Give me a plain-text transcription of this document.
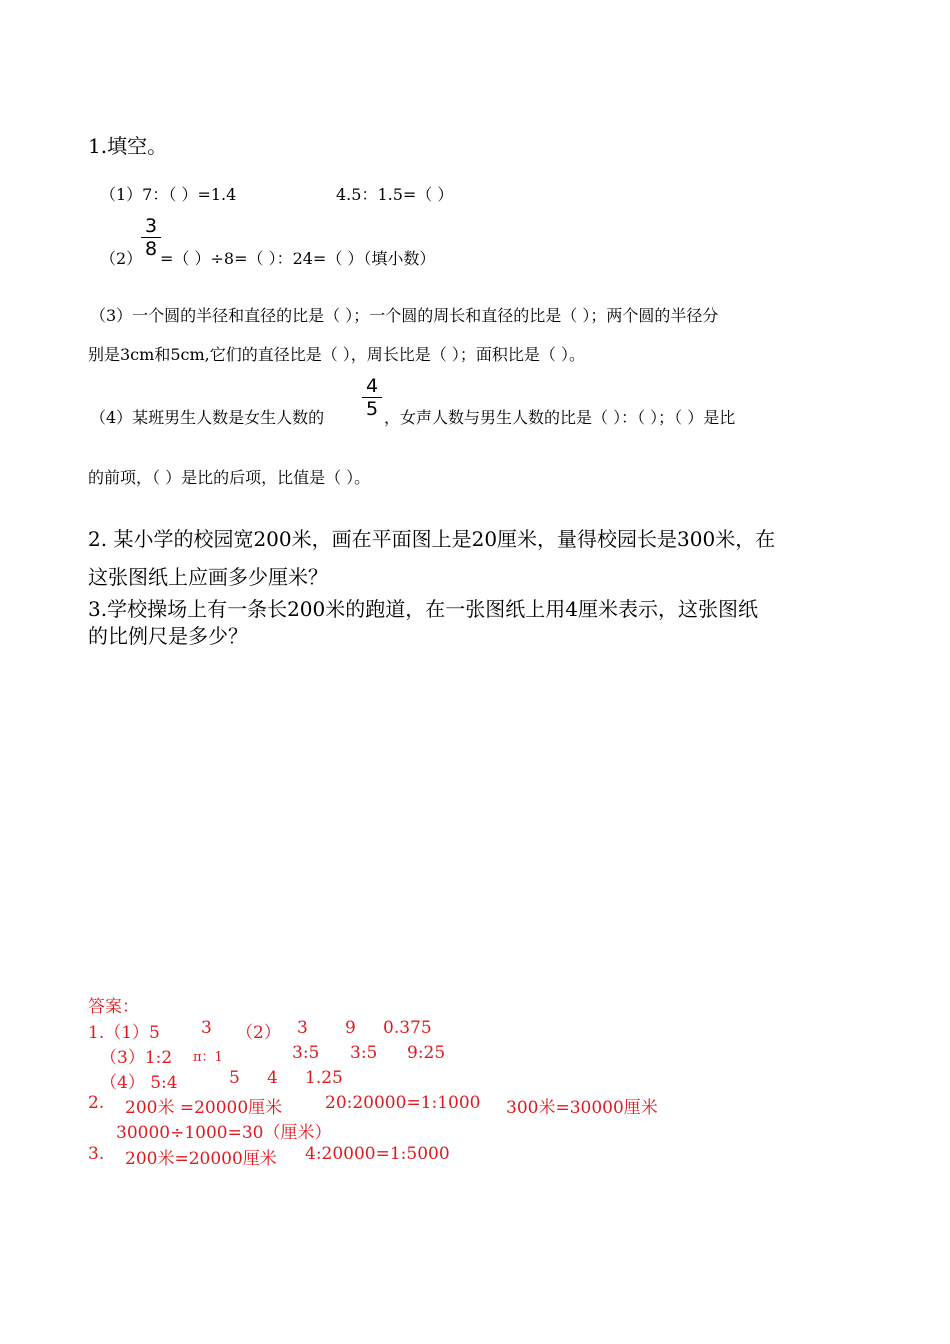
1.填空。
（1）7：（ ）=1.4	4.5：1.5=（ ）
3
8
（2） =（ ）÷8=（ ）：24=（ ）（填小数）
（3）一个圆的半径和直径的比是（ ）；一个圆的周长和直径的比是（ ）；两个圆的半径分
别是3cm和5cm,它们的直径比是（ ），周长比是（ ）；面积比是（ ）。
（4）某班男生人数是女生人数的
4
5 ，女声人数与男生人数的比是（ ）：（ ）；（ ）是比
的前项，（ ）是比的后项，比值是（ ）。
2. 某小学的校园宽200米，画在平面图上是20厘米，量得校园长是300米，在
这张图纸上应画多少厘米？
3.学校操场上有一条长200米的跑道，在一张图纸上用4厘米表示，这张图纸
的比例尺是多少？
答案：
1.（1）5 3 （2） 3 9 0.375
（3）1:2 π：1	3:5 3:5 9:25
（4） 5:4	5 4 1.25
2. 200米 =20000厘米	20:20000=1:1000 300米=30000厘米
30000÷1000=30（厘米）
3. 200米=20000厘米 4:20000=1:5000
